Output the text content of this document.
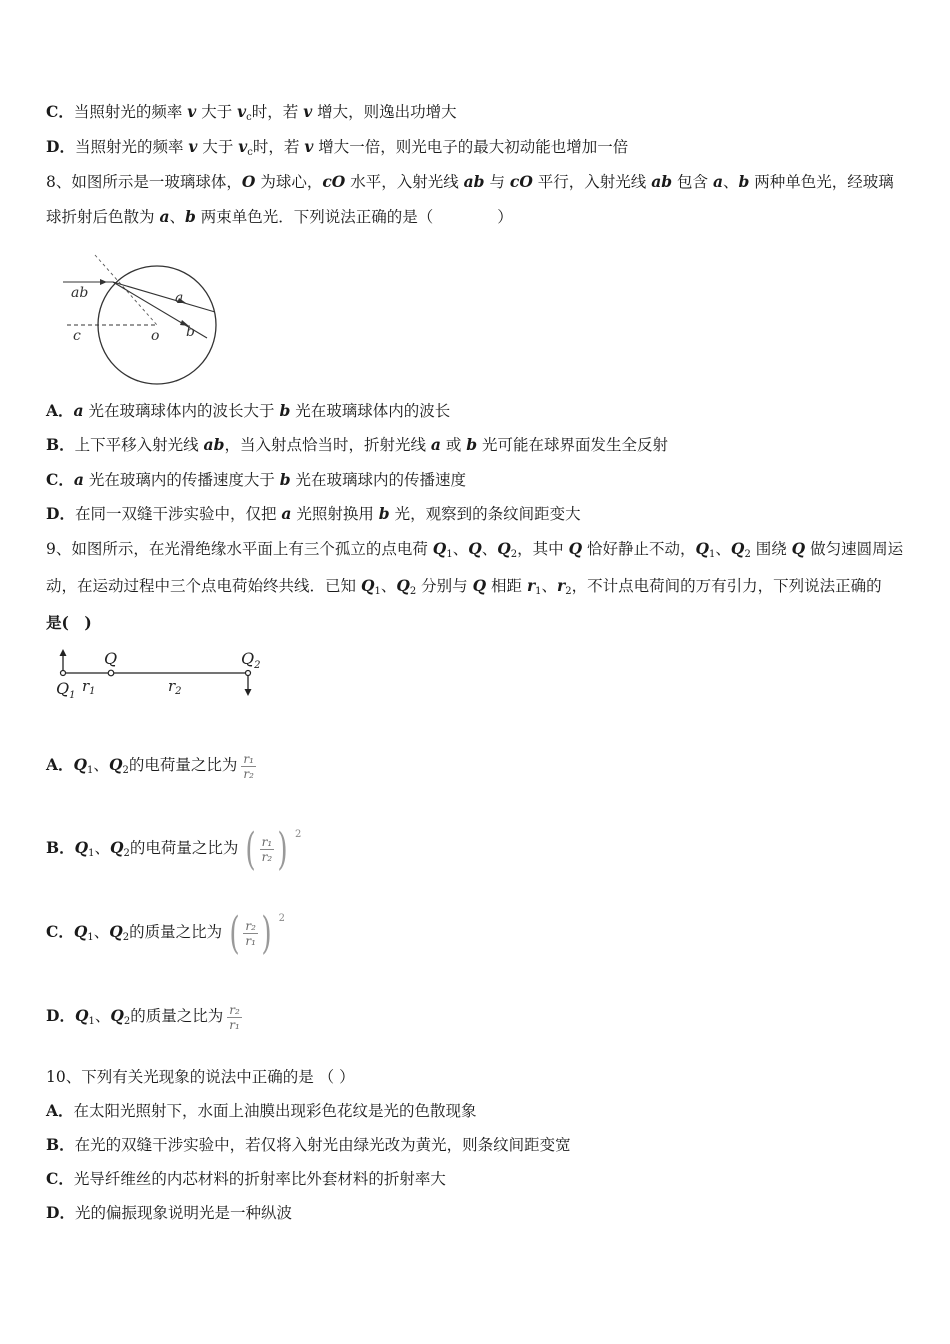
C．当照射光的频率 v 大于 $v_c$时，若 v 增大，则逸出功增大
D．当照射光的频率 v 大于 $v_c$时，若 v 增大一倍，则光电子的最大初动能也增加一倍
8、如图所示是一玻璃球体，O 为球心，cO 水平，入射光线 ab 与 cO 平行，入射光线 ab 包含 a、b 两种单色光，经玻璃
球折射后色散为 a、b 两束单色光．下列说法正确的是（	）
ab	a
b
c	o
A．a 光在玻璃球体内的波长大于 b 光在玻璃球体内的波长
B．上下平移入射光线 ab，当入射点恰当时，折射光线 a 或 b 光可能在球界面发生全反射
C．a 光在玻璃内的传播速度大于 b 光在玻璃球内的传播速度
D．在同一双缝干涉实验中，仅把 a 光照射换用 b 光，观察到的条纹间距变大
9、如图所示，在光滑绝缘水平面上有三个孤立的点电荷 $Q_1$、Q、$Q_2$，其中 Q 恰好静止不动，$Q_1$、$Q_2$ 围绕 Q 做匀速圆周运
动，在运动过程中三个点电荷始终共线．已知 $Q_1$、$Q_2$ 分别与 Q 相距 $r_1$、$r_2$，不计点电荷间的万有引力，下列说法正确的
是(　)
Q
$Q_1$
$Q_2$
$r_1$	$r_2$
A．$Q_1$、$Q_2$的电荷量之比为 $\frac{\text{r₁}}{\text{r₂}}$
B．$Q_1$、$Q_2$的电荷量之比为 ( $\frac{\text{r₁}}{\text{r₂}}$ ) 2
C．$Q_1$、$Q_2$的质量之比为 ( $\frac{\text{r₂}}{\text{r₁}}$ ) 2
D．$Q_1$、$Q_2$的质量之比为 $\frac{\text{r₂}}{\text{r₁}}$
10、下列有关光现象的说法中正确的是 （ ）
A．在太阳光照射下，水面上油膜出现彩色花纹是光的色散现象
B．在光的双缝干涉实验中，若仅将入射光由绿光改为黄光，则条纹间距变宽
C．光导纤维丝的内芯材料的折射率比外套材料的折射率大
D．光的偏振现象说明光是一种纵波
